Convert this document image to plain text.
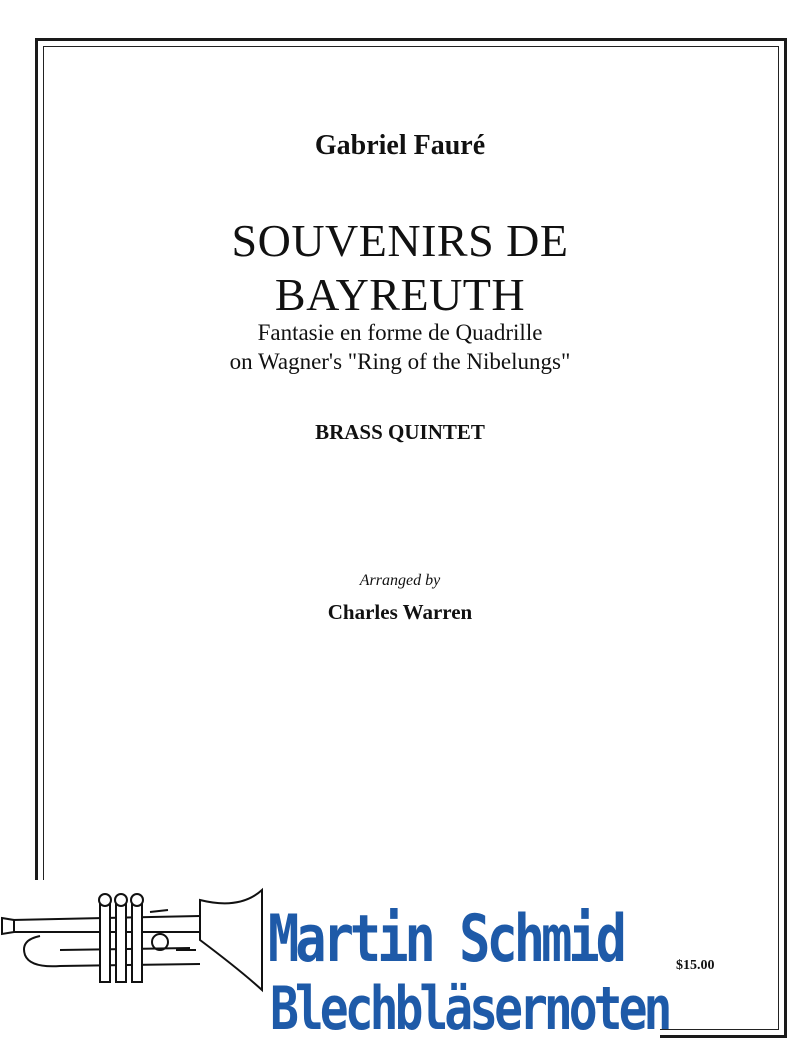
Gabriel Fauré
SOUVENIRS DE
BAYREUTH
Fantasie en forme de Quadrille
on Wagner's "Ring of the Nibelungs"
BRASS QUINTET
Arranged by
Charles Warren
$15.00
Martin Schmid
Blechbläsernoten
